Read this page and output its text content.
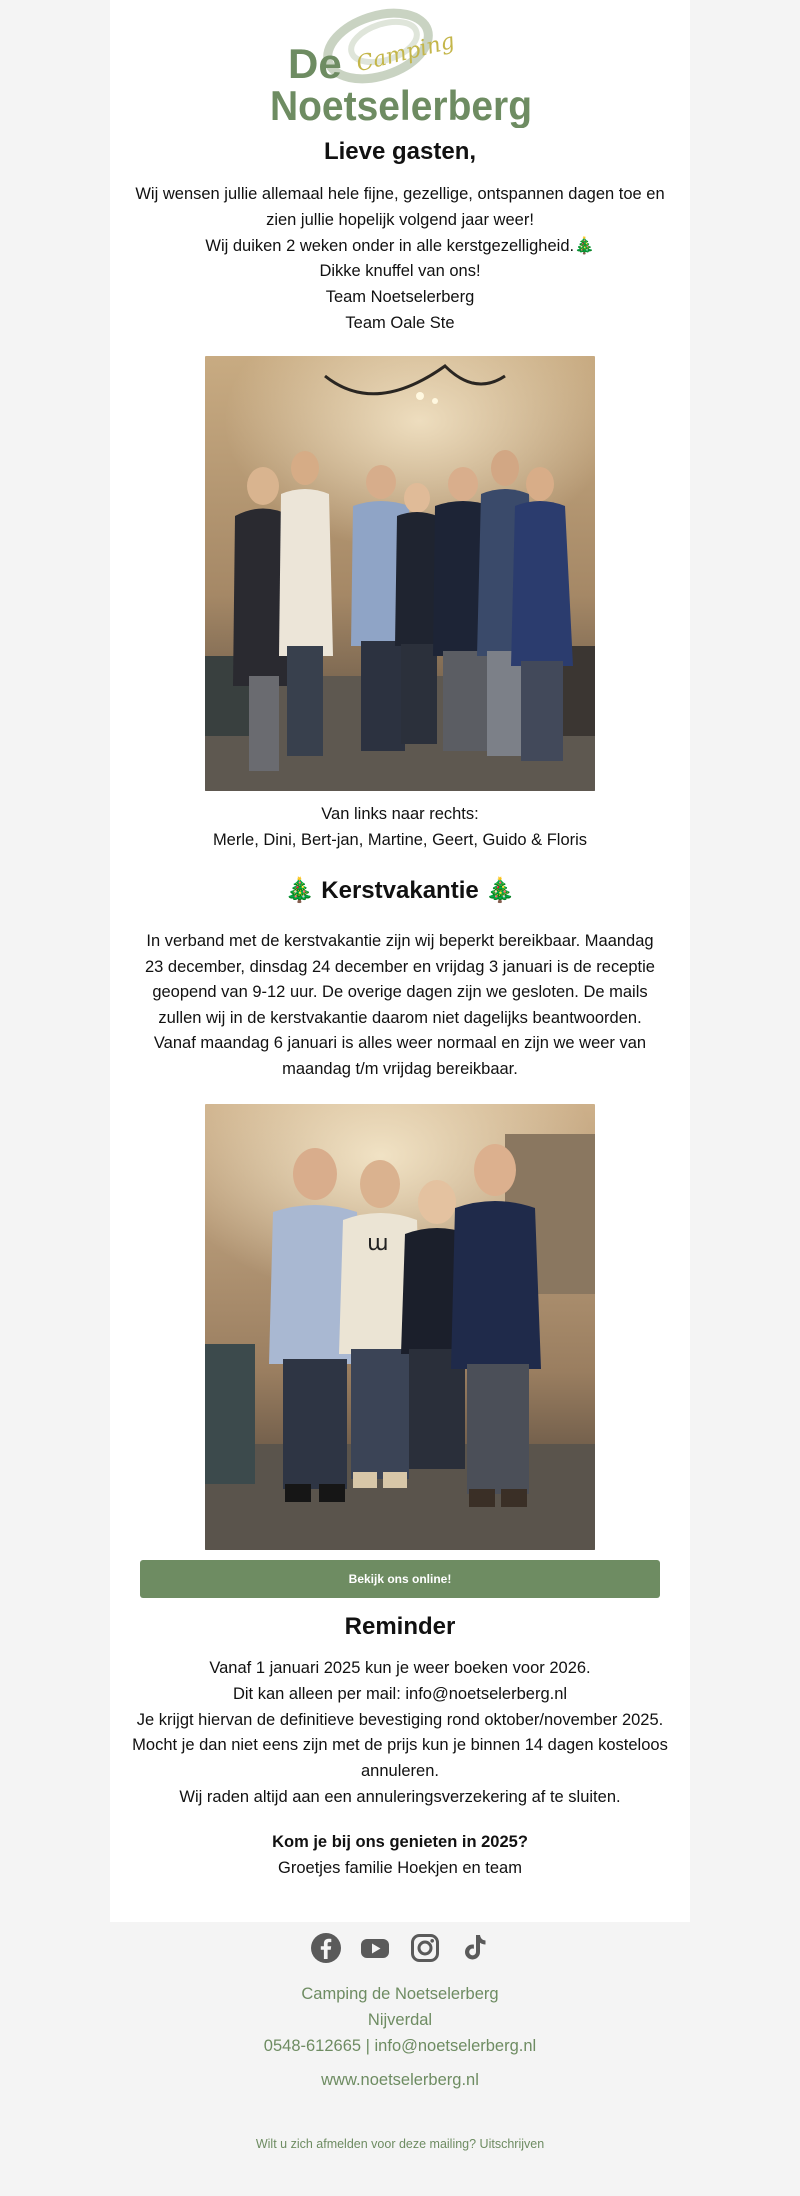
De Camping
Noetselerberg
Lieve gasten,

Wij wensen jullie allemaal hele fijne, gezellige, ontspannen dagen toe en zien jullie hopelijk volgend jaar weer!

Wij duiken 2 weken onder in alle kerstgezelligheid.🎄

Dikke knuffel van ons!

Team Noetselerberg

Team Oale Ste

Van links naar rechts:

Merle, Dini, Bert-jan, Martine, Geert, Guido & Floris

🎄 Kerstvakantie 🎄

In verband met de kerstvakantie zijn wij beperkt bereikbaar. Maandag 23 december, dinsdag 24 december en vrijdag 3 januari is de receptie geopend van 9-12 uur. De overige dagen zijn we gesloten. De mails zullen wij in de kerstvakantie daarom niet dagelijks beantwoorden. Vanaf maandag 6 januari is alles weer normaal en zijn we weer van maandag t/m vrijdag bereikbaar.

ɯ
Bekijk ons online!
Reminder

Vanaf 1 januari 2025 kun je weer boeken voor 2026.

Dit kan alleen per mail: info@noetselerberg.nl

Je krijgt hiervan de definitieve bevestiging rond oktober/november 2025.

Mocht je dan niet eens zijn met de prijs kun je binnen 14 dagen kosteloos annuleren.

Wij raden altijd aan een annuleringsverzekering af te sluiten.

Kom je bij ons genieten in 2025?

Groetjes familie Hoekjen en team

Camping de Noetselerberg

Nijverdal

0548-612665 | info@noetselerberg.nl

www.noetselerberg.nl
Wilt u zich afmelden voor deze mailing? Uitschrijven
